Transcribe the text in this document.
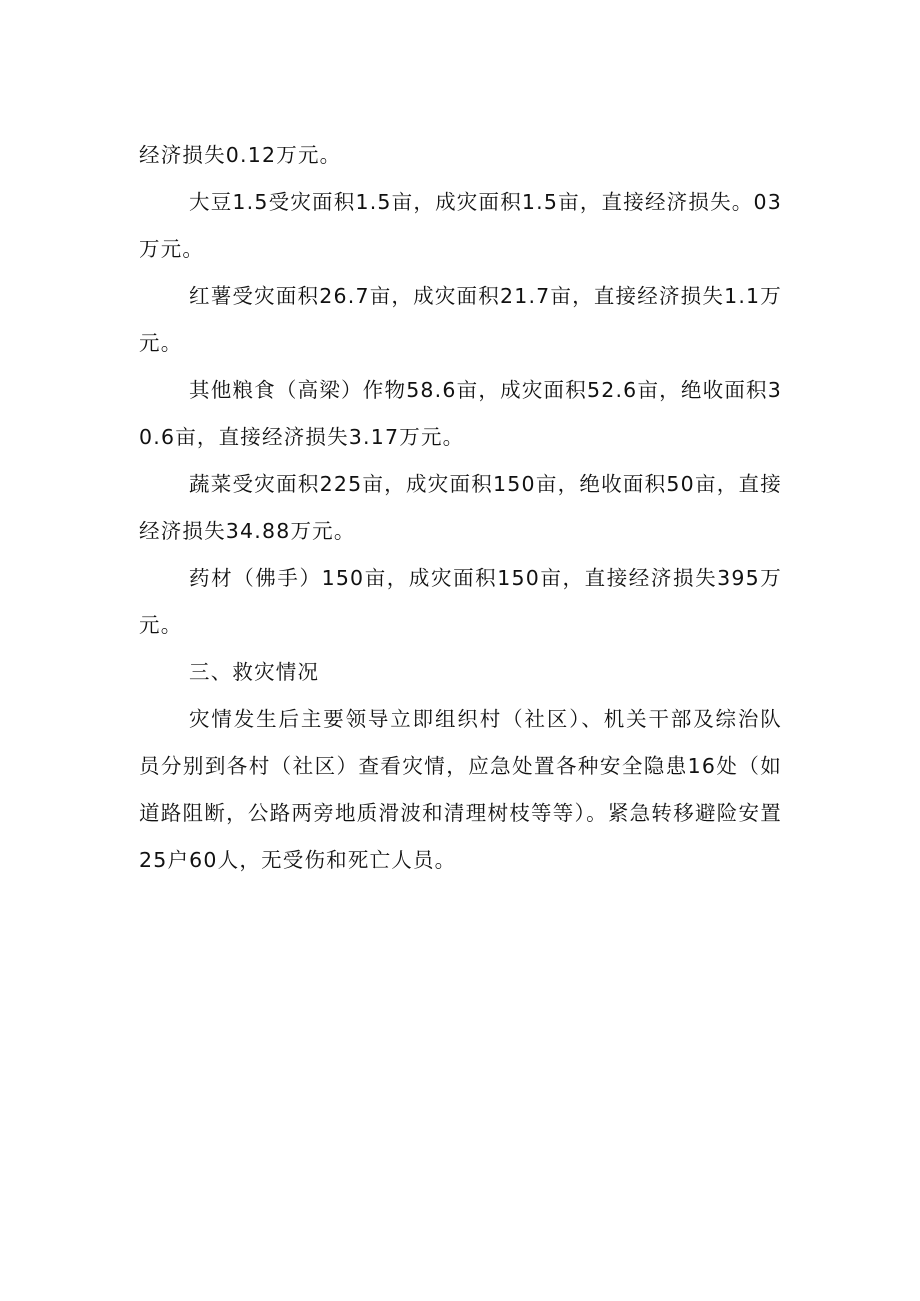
经济损失0.12万元。

大豆1.5受灾面积1.5亩，成灾面积1.5亩，直接经济损失。03万元。

红薯受灾面积26.7亩，成灾面积21.7亩，直接经济损失1.1万元。

其他粮食（高梁）作物58.6亩，成灾面积52.6亩，绝收面积30.6亩，直接经济损失3.17万元。

蔬菜受灾面积225亩，成灾面积150亩，绝收面积50亩，直接经济损失34.88万元。

药材（佛手）150亩，成灾面积150亩，直接经济损失395万元。

三、救灾情况

灾情发生后主要领导立即组织村（社区）、机关干部及综治队员分别到各村（社区）查看灾情，应急处置各种安全隐患16处（如道路阻断，公路两旁地质滑波和清理树枝等等）。紧急转移避险安置25户60人，无受伤和死亡人员。
